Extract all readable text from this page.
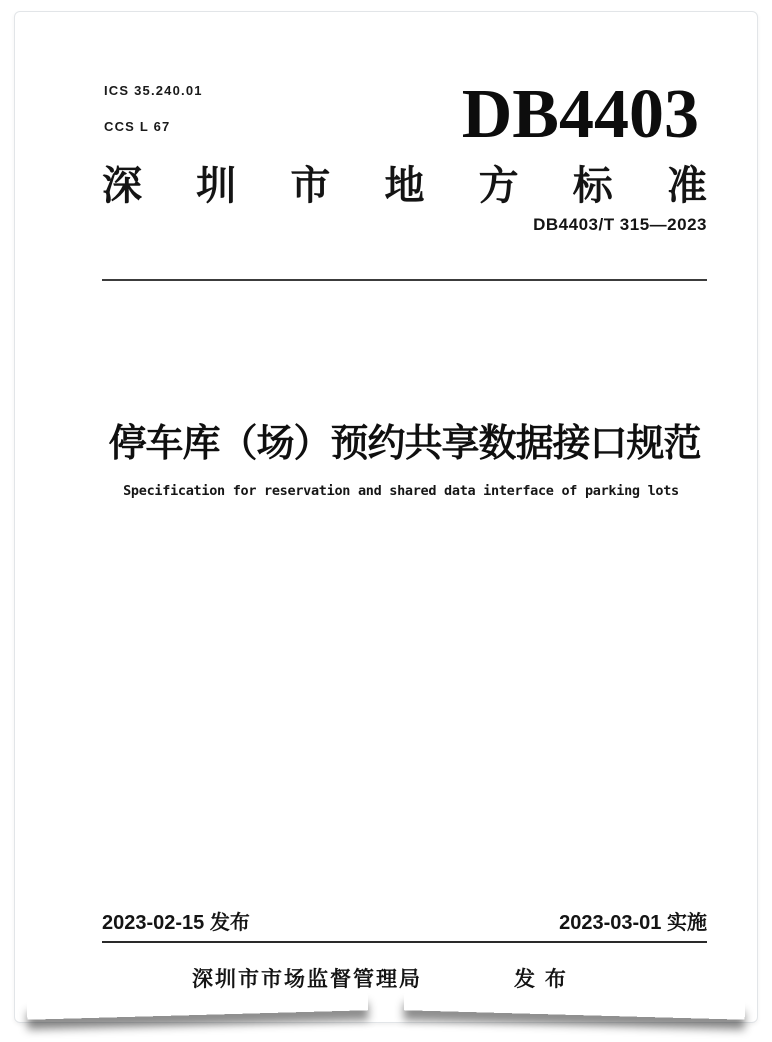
ICS 35.240.01

CCS L 67	DB4403
深 圳 市 地 方 标 准
DB4403/T 315—2023
停车库（场）预约共享数据接口规范
Specification for reservation and shared data interface of parking lots
2023-02-15 发布	2023-03-01 实施
深圳市市场监督管理局	发 布
